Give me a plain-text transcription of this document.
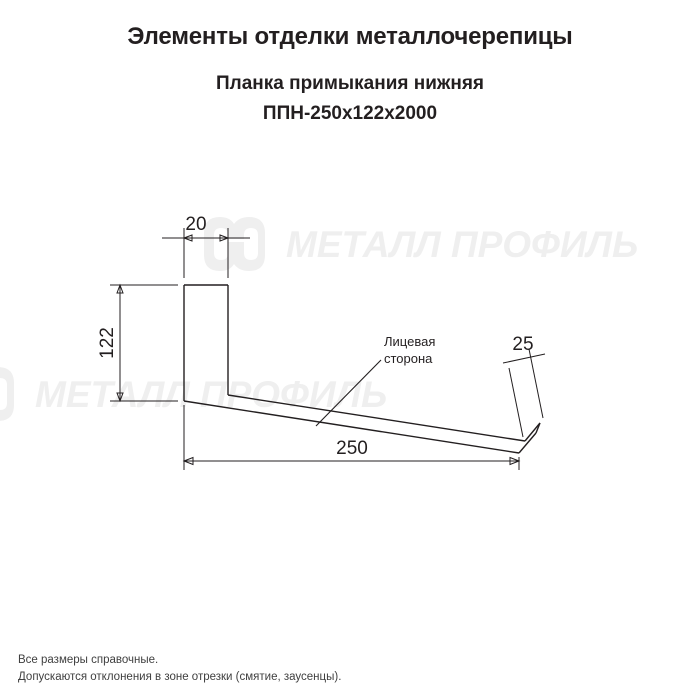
Элементы отделки металлочерепицы
Планка примыкания нижняя
ППН-250х122х2000
МЕТАЛЛ ПРОФИЛЬ
МЕТАЛЛ ПРОФИЛЬ
20
122
250
25
Лицевая
сторона
Все размеры справочные.
Допускаются отклонения в зоне отрезки (смятие, заусенцы).
